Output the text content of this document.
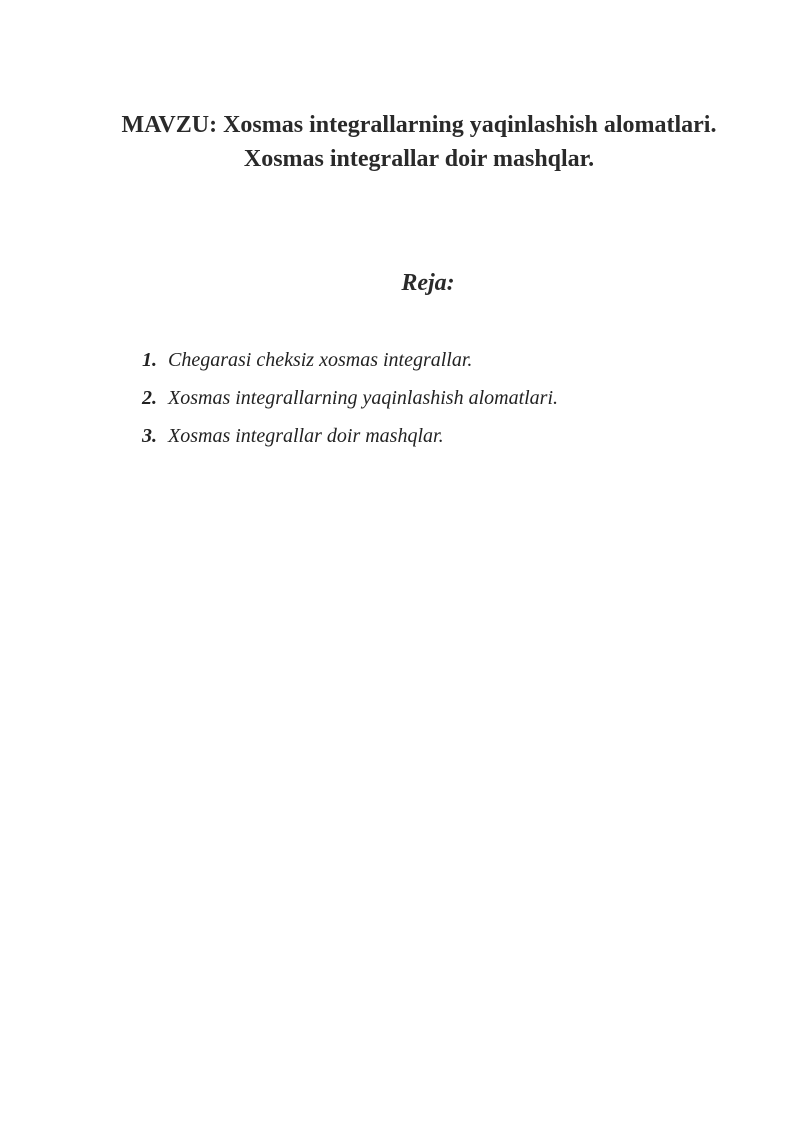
MAVZU: Xosmas integrallarning yaqinlashish alomatlari.

Xosmas integrallar doir mashqlar.

Reja:

1. Chegarasi cheksiz xosmas integrallar.
2. Xosmas integrallarning yaqinlashish alomatlari.
3. Xosmas integrallar doir mashqlar.
